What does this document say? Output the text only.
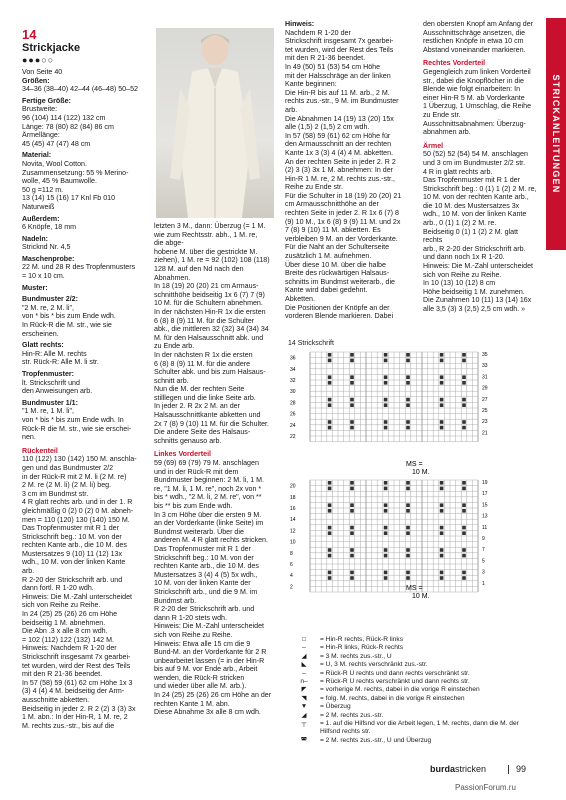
STRICKANLEITUNGEN
14
Strickjacke
●●●○○

Von Seite 40

Größen:

34–36 (38–40) 42–44 (46–48) 50–52

Fertige Größe:

Brustweite:
96 (104) 114 (122) 132 cm
Länge: 78 (80) 82 (84) 86 cm
Ärmellänge:
45 (45) 47 (47) 48 cm

Material:

Novita, Wool Cotton.
Zusammensetzung: 55 % Merino-
wolle, 45 % Baumwolle.
50 g =112 m.
13 (14) 15 (16) 17 Knl Fb 010
Naturweiß

Außerdem:

6 Knöpfe, 18 mm

Nadeln:

Stricknd Nr. 4,5

Maschenprobe:

22 M. und 28 R des Tropfenmusters
= 10 x 10 cm.

Muster:

Bundmuster 2/2:

"2 M. re, 2 M. li",
von * bis * bis zum Ende wdh.
In Rück-R die M. str., wie sie
erscheinen.

Glatt rechts:

Hin-R: Alle M. rechts
str. Rück-R: Alle M. li str.

Tropfenmuster:

lt. Strickschrift und
den Anweisungen arb.

Bundmuster 1/1:

"1 M. re, 1 M. li",
von * bis * bis zum Ende wdh. In
Rück-R die M. str., wie sie erschei-
nen.

Rückenteil

110 (122) 130 (142) 150 M. anschla-
gen und das Bundmuster 2/2
in der Rück-R mit 2 M. li (2 M. re)
2 M. re (2 M. li) (2 M. li) beg.
3 cm im Bundmst str.
4 R glatt rechts arb. und in der 1. R
gleichmäßig 0 (2) 0 (2) 0 M. abneh-
men = 110 (120) 130 (140) 150 M.
Das Tropfenmuster mit R 1 der
Strickschrift beg.: 10 M. von der
rechten Kante arb., die 10 M. des
Mustersatzes 9 (10) 11 (12) 13x
wdh., 10 M. von der linken Kante
arb.
R 2-20 der Strickschrift arb. und
dann fortl. R 1-20 wdh.
Hinweis: Die M.-Zahl unterscheidet
sich von Reihe zu Reihe.
In 24 (25) 25 (26) 26 cm Höhe
beidseitig 1 M. abnehmen.
Die Abn .3 x alle 8 cm wdh.
= 102 (112) 122 (132) 142 M.
Hinweis: Nachdem R 1-20 der
Strickschrift insgesamt 7x gearbei-
tet wurden, wird der Rest des Teils
mit den R 21-36 beendet.
In 57 (58) 59 (61) 62 cm Höhe 1x 3
(3) 4 (4) 4 M. beidseitig der Arm-
ausschnitte abketten.
Beidseitig in jeder 2. R 2 (2) 3 (3) 3x
1 M. abn.: In der Hin-R, 1 M. re, 2
M. rechts zus.-str., bis auf die

letzten 3 M., dann: Überzug (= 1 M.
wie zum Rechtsstr. abh., 1 M. re,
die abge-
hobene M. über die gestrickte M.
ziehen), 1 M. re = 92 (102) 108 (118)
128 M. auf den Nd nach den
Abnahmen.
In 18 (19) 20 (20) 21 cm Armaus-
schnitthöhe beidseitig 1x 6 (7) 7 (9)
10 M. für die Schultern abnehmen.
In der nächsten Hin-R 1x die ersten
6 (8) 8 (9) 11 M. für die Schulter
abk., die mittleren 32 (32) 34 (34) 34
M. für den Halsausschnitt abk. und
zu Ende arb.
In der nächsten R 1x die ersten
6 (8) 8 (9) 11 M. für die andere
Schulter abk. und bis zum Halsaus-
schnitt arb.
Nun die M. der rechten Seite
stilllegen und die linke Seite arb.
In jeder 2. R 2x 2 M. an der
Halsausschnittkante abketten und
2x 7 (8) 9 (10) 11 M. für die Schulter.
Die andere Seite des Halsaus-
schnitts genauso arb.

Linkes Vorderteil

59 (69) 69 (79) 79 M. anschlagen
und in der Rück-R mit dem
Bundmuster beginnen: 2 M. li, 1 M.
re, "1 M. li, 1 M. re", noch 2x von *
bis * wdh., "2 M. li, 2 M. re", von **
bis ** bis zum Ende wdh.
In 3 cm Höhe über die ersten 9 M.
an der Vorderkante (linke Seite) im
Bundmst weiterarb. Über die
anderen M. 4 R glatt rechts stricken.
Das Tropfenmuster mit R 1 der
Strickschrift beg.: 10 M. von der
rechten Kante arb., die 10 M. des
Mustersatzes 3 (4) 4 (5) 5x wdh.,
10 M. von der linken Kante der
Strickschrift arb., und die 9 M. im
Bundmst arb.
R 2-20 der Strickschrift arb. und
dann R 1-20 stets wdh.
Hinweis: Die M.-Zahl unterscheidet
sich von Reihe zu Reihe.
Hinweis: Etwa alle 15 cm die 9
Bund-M. an der Vorderkante für 2 R
unbearbeitet lassen (= in der Hin-R
bis auf 9 M. vor Ende arb., Arbeit
wenden, die Rück-R stricken
und wieder über alle M. arb.).
In 24 (25) 25 (26) 26 cm Höhe an der
rechten Kante 1 M. abn.
Diese Abnahme 3x alle 8 cm wdh.

Hinweis:

Nachdem R 1-20 der
Strickschrift insgesamt 7x gearbei-
tet wurden, wird der Rest des Teils
mit den R 21-36 beendet.
In 49 (50) 51 (53) 54 cm Höhe
mit der Halsschräge an der linken
Kante beginnen:
Die Hin-R bis auf 11 M. arb., 2 M.
rechts zus.-str., 9 M. im Bundmuster
arb.
Die Abnahmen 14 (19) 13 (20) 15x
alle (1,5) 2 (1,5) 2 cm wdh.
In 57 (58) 59 (61) 62 cm Höhe für
den Armausschnitt an der rechten
Kante 1x 3 (3) 4 (4) 4 M. abketten.
An der rechten Seite in jeder 2. R 2
(2) 3 (3) 3x 1 M. abnehmen: In der
Hin-R 1 M. re, 2 M. rechts zus.-str.,
Reihe zu Ende str.
Für die Schulter in 18 (19) 20 (20) 21
cm Armausschnitthöhe an der
rechten Seite in jeder 2. R 1x 6 (7) 8
(9) 10 M., 1x 6 (8) 9 (9) 11 M. und 2x
7 (8) 9 (10) 11 M. abketten. Es
verbleiben 9 M. an der Vorderkante.
Für die Naht an der Schulterseite
zusätzlich 1 M. aufnehmen.
Über diese 10 M. über die halbe
Breite des rückwärtigen Halsaus-
schnitts im Bundmst weiterarb., die
Kante wird dabei gedehnt.
Abketten.
Die Positionen der Knöpfe an der
vorderen Blende markieren. Dabei

den obersten Knopf am Anfang der
Ausschnittschräge ansetzen, die
restlichen Knöpfe in etwa 10 cm
Abstand voneinander markieren.

Rechtes Vorderteil

Gegengleich zum linken Vorderteil
str., dabei die Knopflöcher in die
Blende wie folgt einarbeiten: In
einer Hin-R 5 M. ab Vorderkante
1 Überzug, 1 Umschlag, die Reihe
zu Ende str.
Ausschnittsabnahmen: Überzug-
abnahmen arb.

Ärmel

50 (52) 52 (54) 54 M. anschlagen
und 3 cm im Bundmuster 2/2 str.
4 R in glatt rechts arb.
Das Tropfenmuster mit R 1 der
Strickschrift beg.: 0 (1) 1 (2) 2 M. re,
10 M. von der rechten Kante arb.,
die 10 M. des Mustersatzes 3x
wdh., 10 M. von der linken Kante
arb., 0 (1) 1 (2) 2 M. re.
Beidseitig 0 (1) 1 (2) 2 M. glatt rechts
arb., R 2-20 der Strickschrift arb.
und dann noch 1x R 1-20.
Hinweis: Die M.-Zahl unterscheidet
sich von Reihe zu Reihe.
In 10 (13) 10 (12) 8 cm
Höhe beidseitig 1 M. zunehmen.
Die Zunahmen 10 (11) 13 (14) 16x
alle 3,5 (3) 3 (2,5) 2,5 cm wdh. »

14 Strickschrift
36
34
32
30
28
26
24
22
35
33
31
29
27
25
23
21
20
18
16
14
12
10
8
6
4
2
19
17
15
13
11
9
7
5
3
1
MS =
10 M.
MS =
10 M.
□	= Hin-R rechts, Rück-R links
–	= Hin-R links, Rück-R rechts
◢	= 3 M. rechts zus.-str., U
◣	= U, 3 M. rechts verschränkt zus.-str.
–	= Rück-R U rechts und dann rechts verschränkt str.
n–	= Rück-R U rechts verschränkt und dann rechts str.
◤	= vorherige M. rechts, dabei in die vorige R einstechen
◥	= folg. M. rechts, dabei in die vorige R einstechen
▼	= Überzug
◢	= 2 M. rechts zus.-str.
┬	= 1. auf die Hilfsnd vor die Arbeit legen, 1 M. rechts, dann die M. der Hilfsnd rechts str.
◚	= 2 M. rechts zus.-str., U und Überzug
burdastricken	99
PassionForum.ru
